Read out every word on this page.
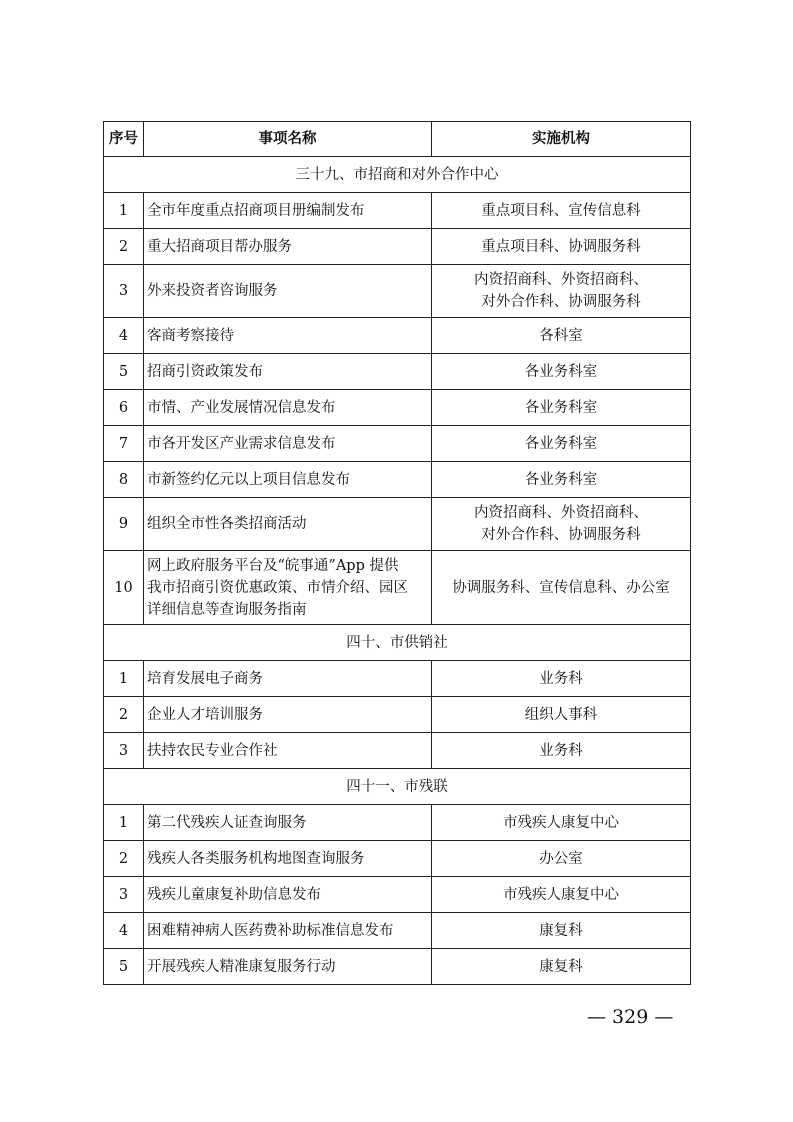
序号	事项名称	实施机构
三十九、市招商和对外合作中心		
1	全市年度重点招商项目册编制发布	重点项目科、宣传信息科
2	重大招商项目帮办服务	重点项目科、协调服务科
3	外来投资者咨询服务	内资招商科、外资招商科、
对外合作科、协调服务科
4	客商考察接待	各科室
5	招商引资政策发布	各业务科室
6	市情、产业发展情况信息发布	各业务科室
7	市各开发区产业需求信息发布	各业务科室
8	市新签约亿元以上项目信息发布	各业务科室
9	组织全市性各类招商活动	内资招商科、外资招商科、
对外合作科、协调服务科
10	网上政府服务平台及“皖事通”App 提供
我市招商引资优惠政策、市情介绍、园区
详细信息等查询服务指南	协调服务科、宣传信息科、办公室
四十、市供销社		
1	培育发展电子商务	业务科
2	企业人才培训服务	组织人事科
3	扶持农民专业合作社	业务科
四十一、市残联		
1	第二代残疾人证查询服务	市残疾人康复中心
2	残疾人各类服务机构地图查询服务	办公室
3	残疾儿童康复补助信息发布	市残疾人康复中心
4	困难精神病人医药费补助标准信息发布	康复科
5	开展残疾人精准康复服务行动	康复科
— 329 —
